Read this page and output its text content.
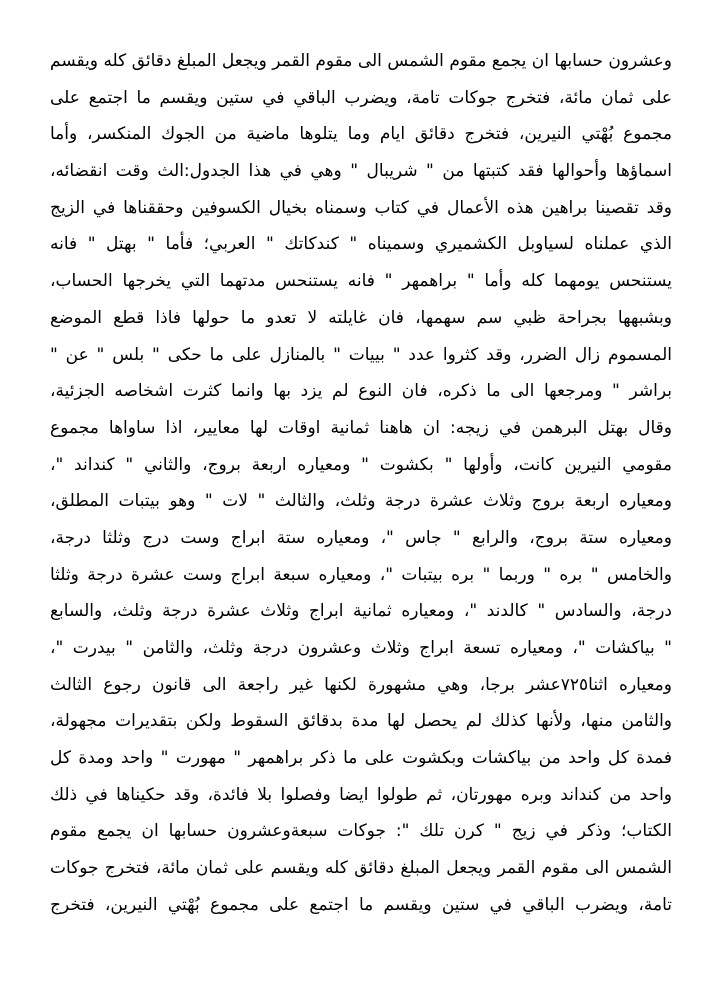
وعشرون حسابها ان يجمع مقوم الشمس الى مقوم القمر ويجعل المبلغ دقائق كله ويقسم
على ثمان مائة، فتخرج جوكات تامة، ويضرب الباقي في ستين ويقسم ما اجتمع على
مجموع بُهْتي النيرين، فتخرج دقائق ايام وما يتلوها ماضية من الجوك المنكسر، وأما
اسماؤها وأحوالها فقد كتبتها من " شريبال " وهي في هذا الجدول:الث وقت انقضائه،
وقد تقصينا براهين هذه الأعمال في كتاب وسمناه بخيال الكسوفين وحققناها في الزيج
الذي عملناه لسياوبل الكشميري وسميناه " كندكاتك " العربي؛ فأما " بهتل " فانه
يستنحس يومهما كله وأما " براهمهر " فانه يستنحس مدتهما التي يخرجها الحساب،
وبشبهها بجراحة ظبي سم سهمها، فان غايلته لا تعدو ما حولها فاذا قطع الموضع
المسموم زال الضرر، وقد كثروا عدد " بييات " بالمنازل على ما حكى " بلس " عن "
براشر " ومرجعها الى ما ذكره، فان النوع لم يزد بها وانما كثرت اشخاصه الجزئية،
وقال بهتل البرهمن في زيجه: ان هاهنا ثمانية اوقات لها معايير، اذا ساواها مجموع
مقومي النيرين كانت، وأولها " بكشوت " ومعياره اربعة بروج، والثاني " كنداند "،
ومعياره اربعة بروج وثلاث عشرة درجة وثلث، والثالث " لات " وهو بيتبات المطلق،
ومعياره ستة بروج، والرابع " جاس "، ومعياره ستة ابراج وست درج وثلثا درجة،
والخامس " بره " وربما " بره بيتبات "، ومعياره سبعة ابراج وست عشرة درجة وثلثا
درجة، والسادس " كالدند "، ومعياره ثمانية ابراج وثلاث عشرة درجة وثلث، والسابع
" بياكشات "، ومعياره تسعة ابراج وثلاث وعشرون درجة وثلث، والثامن " بيدرت "،
ومعياره اثنا٧٢٥عشر برجا، وهي مشهورة لكنها غير راجعة الى قانون رجوع الثالث
والثامن منها، ولأنها كذلك لم يحصل لها مدة بدقائق السقوط ولكن بتقديرات مجهولة،
فمدة كل واحد من بياكشات وبكشوت على ما ذكر براهمهر " مهورت " واحد ومدة كل
واحد من كنداند وبره مهورتان، ثم طولوا ايضا وفصلوا بلا فائدة، وقد حكيناها في ذلك
الكتاب؛ وذكر في زيج " كرن تلك ": جوكات سبعةوعشرون حسابها ان يجمع مقوم
الشمس الى مقوم القمر ويجعل المبلغ دقائق كله ويقسم على ثمان مائة، فتخرج جوكات
تامة، ويضرب الباقي في ستين ويقسم ما اجتمع على مجموع بُهْتي النيرين، فتخرج
